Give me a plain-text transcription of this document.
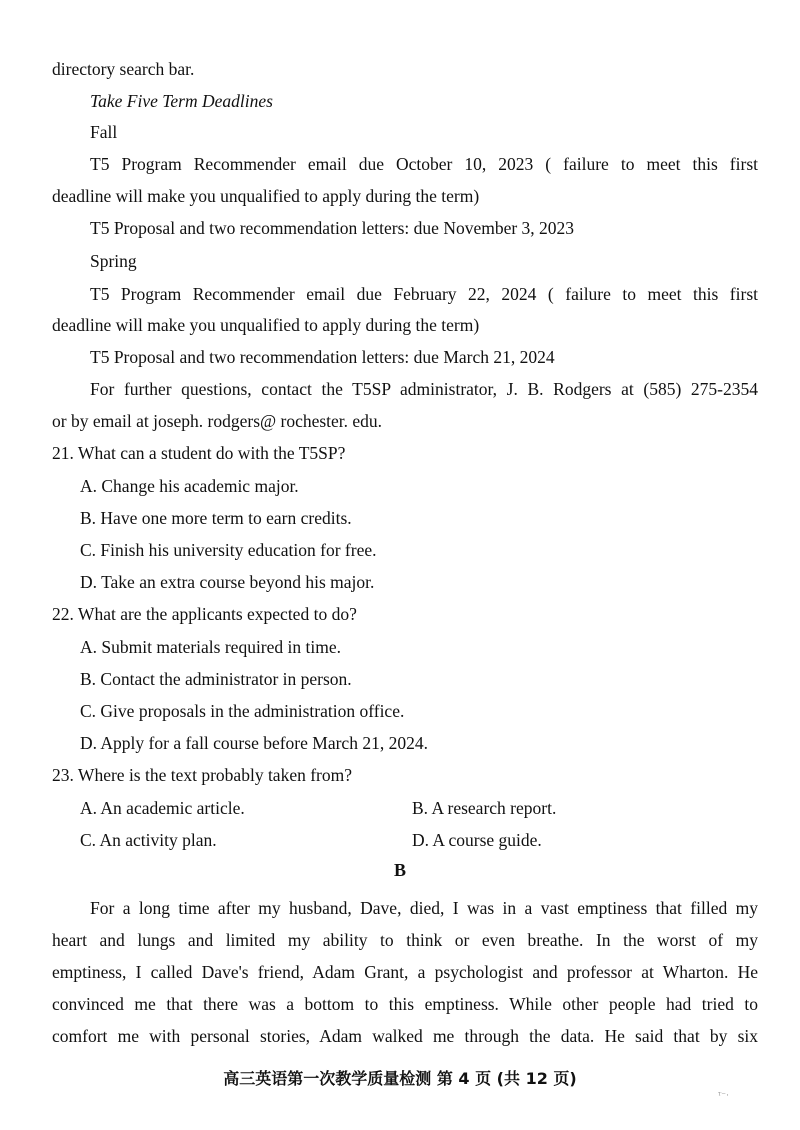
directory search bar.
Take Five Term Deadlines
Fall
T5 Program Recommender email due October 10, 2023 ( failure to meet this first
deadline will make you unqualified to apply during the term)
T5 Proposal and two recommendation letters: due November 3, 2023
Spring
T5 Program Recommender email due February 22, 2024 ( failure to meet this first
deadline will make you unqualified to apply during the term)
T5 Proposal and two recommendation letters: due March 21, 2024
For further questions, contact the T5SP administrator, J. B. Rodgers at (585) 275-2354
or by email at joseph. rodgers@ rochester. edu.
21. What can a student do with the T5SP?
A. Change his academic major.
B. Have one more term to earn credits.
C. Finish his university education for free.
D. Take an extra course beyond his major.
22. What are the applicants expected to do?
A. Submit materials required in time.
B. Contact the administrator in person.
C. Give proposals in the administration office.
D. Apply for a fall course before March 21, 2024.
23. Where is the text probably taken from?
A. An academic article.	B. A research report.
C. An activity plan.	D. A course guide.
B
For a long time after my husband, Dave, died, I was in a vast emptiness that filled my
heart and lungs and limited my ability to think or even breathe. In the worst of my
emptiness, I called Dave's friend, Adam Grant, a psychologist and professor at Wharton. He
convinced me that there was a bottom to this emptiness. While other people had tried to
comfort me with personal stories, Adam walked me through the data. He said that by six
高三英语第一次教学质量检测 第 4 页 (共 12 页)
ᵀ⁻·
